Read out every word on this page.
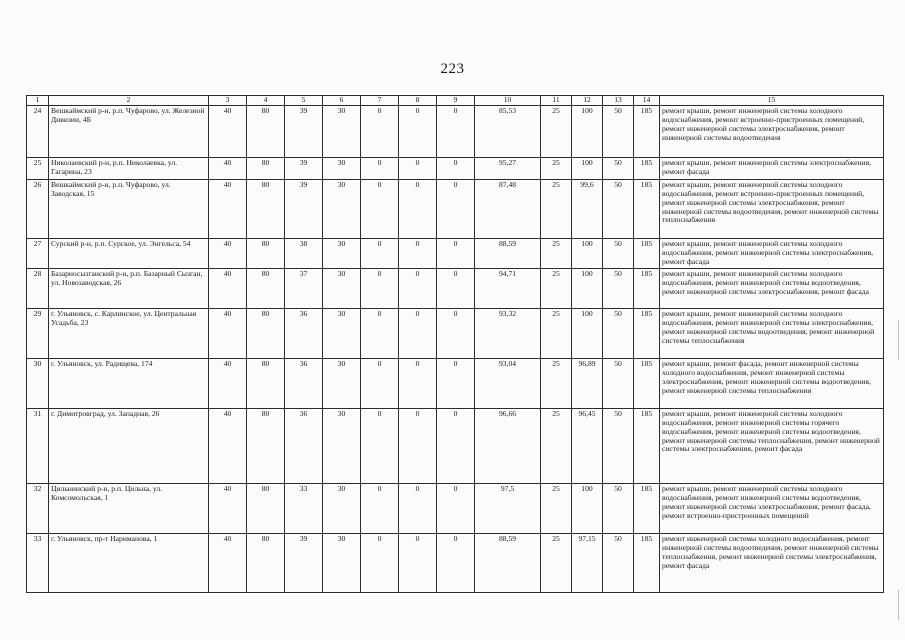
223
1	2	3	4	5	6	7	8	9	10	11	12	13	14	15
24	Вешкаймский р-н, р.п. Чуфарово, ул. Железной Дивизии, 4Б	40	80	39	30	0	0	0	85,53	25	100	50	185	ремонт крыши, ремонт инженерной системы холодного водоснабжения, ремонт встроенно-пристроенных помещений, ремонт инженерной системы электроснабжения, ремонт инженерной системы водоотведения
25	Николаевский р-н, р.п. Николаевка, ул. Гагарина, 23	40	80	39	30	0	0	0	95,27	25	100	50	185	ремонт крыши, ремонт инженерной системы электроснабжения, ремонт фасада
26	Вешкаймский р-н, р.п. Чуфарово, ул. Заводская, 15	40	80	39	30	0	0	0	87,48	25	99,6	50	185	ремонт крыши, ремонт инженерной системы холодного водоснабжения, ремонт встроенно-пристроенных помещений, ремонт инженерной системы электроснабжения, ремонт инженерной системы водоотведения, ремонт инженерной системы теплоснабжения
27	Сурский р-н, р.п. Сурское, ул. Энгельса, 54	40	80	38	30	0	0	0	88,59	25	100	50	185	ремонт крыши, ремонт инженерной системы холодного водоснабжения, ремонт инженерной системы электроснабжения, ремонт фасада
28	Базарносызганский р-н, р.п. Базарный Сызган, ул. Новозаводская, 26	40	80	37	30	0	0	0	94,71	25	100	50	185	ремонт крыши, ремонт инженерной системы холодного водоснабжения, ремонт инженерной системы водоотведения, ремонт инженерной системы электроснабжения, ремонт фасада
29	г. Ульяновск, с. Карлинское, ул. Центральная Усадьба, 23	40	80	36	30	0	0	0	93,32	25	100	50	185	ремонт крыши, ремонт инженерной системы холодного водоснабжения, ремонт инженерной системы электроснабжения, ремонт инженерной системы водоотведения, ремонт инженерной системы теплоснабжения
30	г. Ульяновск, ул. Радищева, 174	40	80	36	30	0	0	0	93,04	25	96,89	50	185	ремонт крыши, ремонт фасада, ремонт инженерной системы холодного водоснабжения, ремонт инженерной системы электроснабжения, ремонт инженерной системы водоотведения, ремонт инженерной системы теплоснабжения
31	г. Димитровград, ул. Западная, 26	40	80	36	30	0	0	0	96,66	25	96,45	50	185	ремонт крыши, ремонт инженерной системы холодного водоснабжения, ремонт инженерной системы горячего водоснабжения, ремонт инженерной системы водоотведения, ремонт инженерной системы теплоснабжения, ремонт инженерной системы электроснабжения, ремонт фасада
32	Цильнинский р-н, р.п. Цильна, ул. Комсомольская, 1	40	80	33	30	0	0	0	97,5	25	100	50	185	ремонт крыши, ремонт инженерной системы холодного водоснабжения, ремонт инженерной системы водоотведения, ремонт инженерной системы электроснабжения, ремонт фасада, ремонт встроенно-пристроенных помещений
33	г. Ульяновск, пр-т Нариманова, 1	40	80	39	30	0	0	0	88,59	25	97,15	50	185	ремонт инженерной системы холодного водоснабжения, ремонт инженерной системы водоотведения, ремонт инженерной системы теплоснабжения, ремонт инженерной системы электроснабжения, ремонт фасада
